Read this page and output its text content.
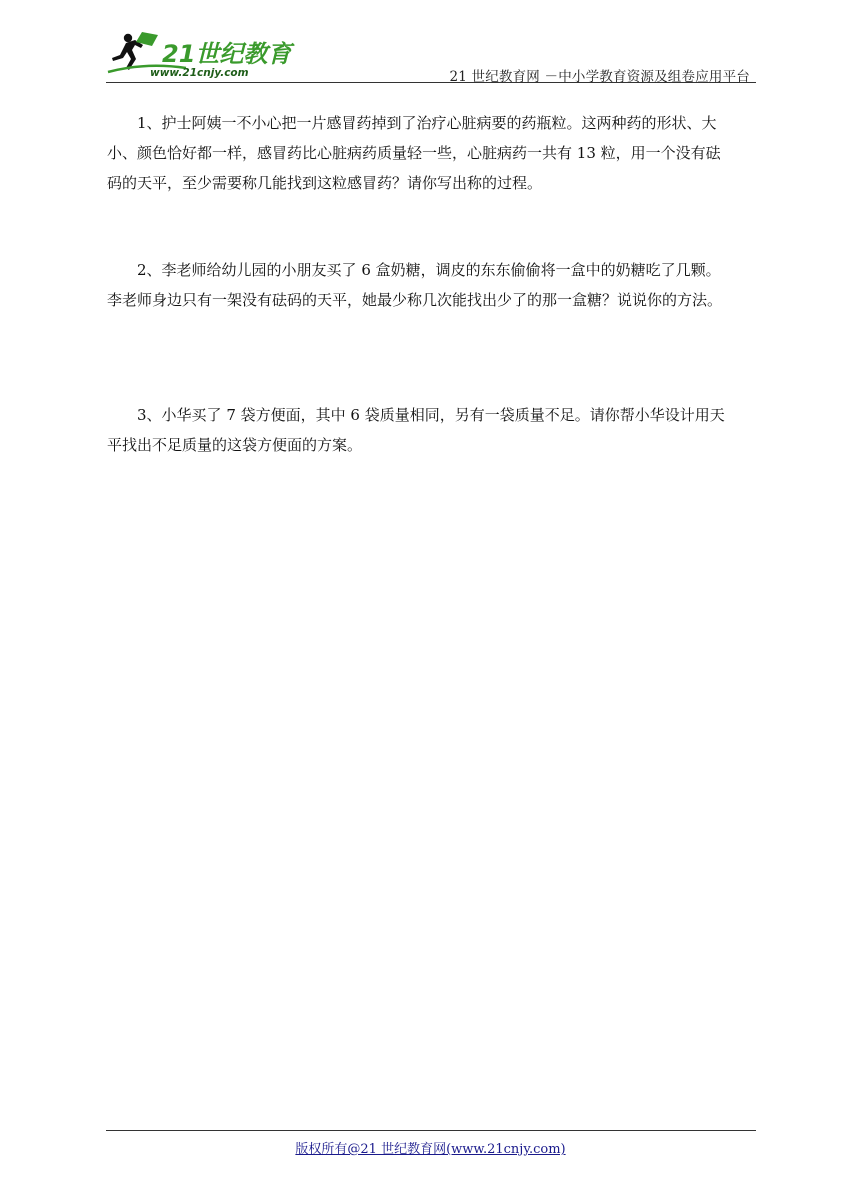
21世纪教育
www.21cnjy.com	21 世纪教育网 －中小学教育资源及组卷应用平台

1、护士阿姨一不小心把一片感冒药掉到了治疗心脏病要的药瓶粒。这两种药的形状、大
小、颜色恰好都一样，感冒药比心脏病药质量轻一些，心脏病药一共有 13 粒，用一个没有砝
码的天平，至少需要称几能找到这粒感冒药？请你写出称的过程。

2、李老师给幼儿园的小朋友买了 6 盒奶糖，调皮的东东偷偷将一盒中的奶糖吃了几颗。
李老师身边只有一架没有砝码的天平，她最少称几次能找出少了的那一盒糖？说说你的方法。

3、小华买了 7 袋方便面，其中 6 袋质量相同，另有一袋质量不足。请你帮小华设计用天
平找出不足质量的这袋方便面的方案。

版权所有@21 世纪教育网(www.21cnjy.com)
